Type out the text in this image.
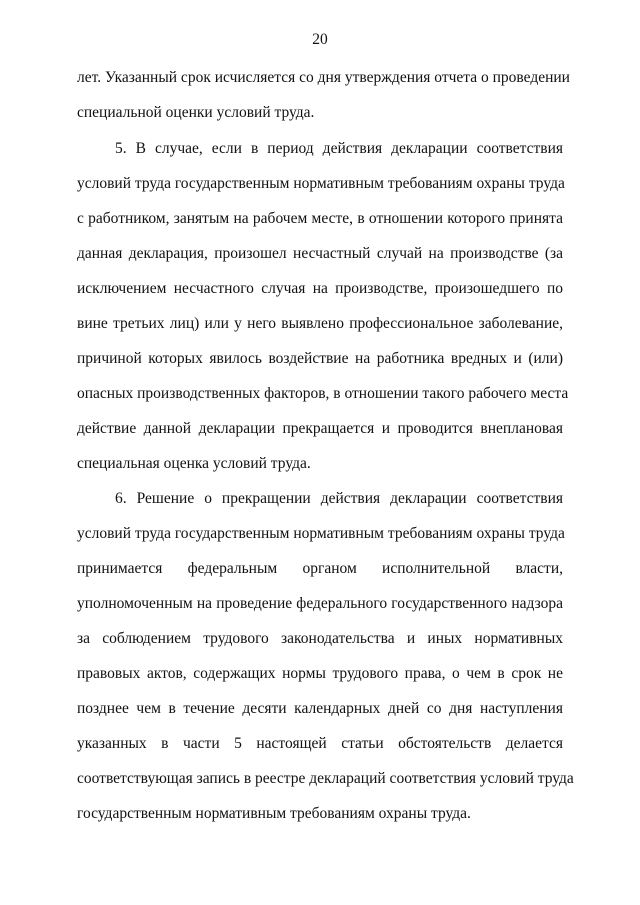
20
лет. Указанный срок исчисляется со дня утверждения отчета о проведении
специальной оценки условий труда.
5. В случае, если в период действия декларации соответствия
условий труда государственным нормативным требованиям охраны труда
с работником, занятым на рабочем месте, в отношении которого принята
данная декларация, произошел несчастный случай на производстве (за
исключением несчастного случая на производстве, произошедшего по
вине третьих лиц) или у него выявлено профессиональное заболевание,
причиной которых явилось воздействие на работника вредных и (или)
опасных производственных факторов, в отношении такого рабочего места
действие данной декларации прекращается и проводится внеплановая
специальная оценка условий труда.
6. Решение о прекращении действия декларации соответствия
условий труда государственным нормативным требованиям охраны труда
принимается федеральным органом исполнительной власти,
уполномоченным на проведение федерального государственного надзора
за соблюдением трудового законодательства и иных нормативных
правовых актов, содержащих нормы трудового права, о чем в срок не
позднее чем в течение десяти календарных дней со дня наступления
указанных в части 5 настоящей статьи обстоятельств делается
соответствующая запись в реестре деклараций соответствия условий труда
государственным нормативным требованиям охраны труда.
